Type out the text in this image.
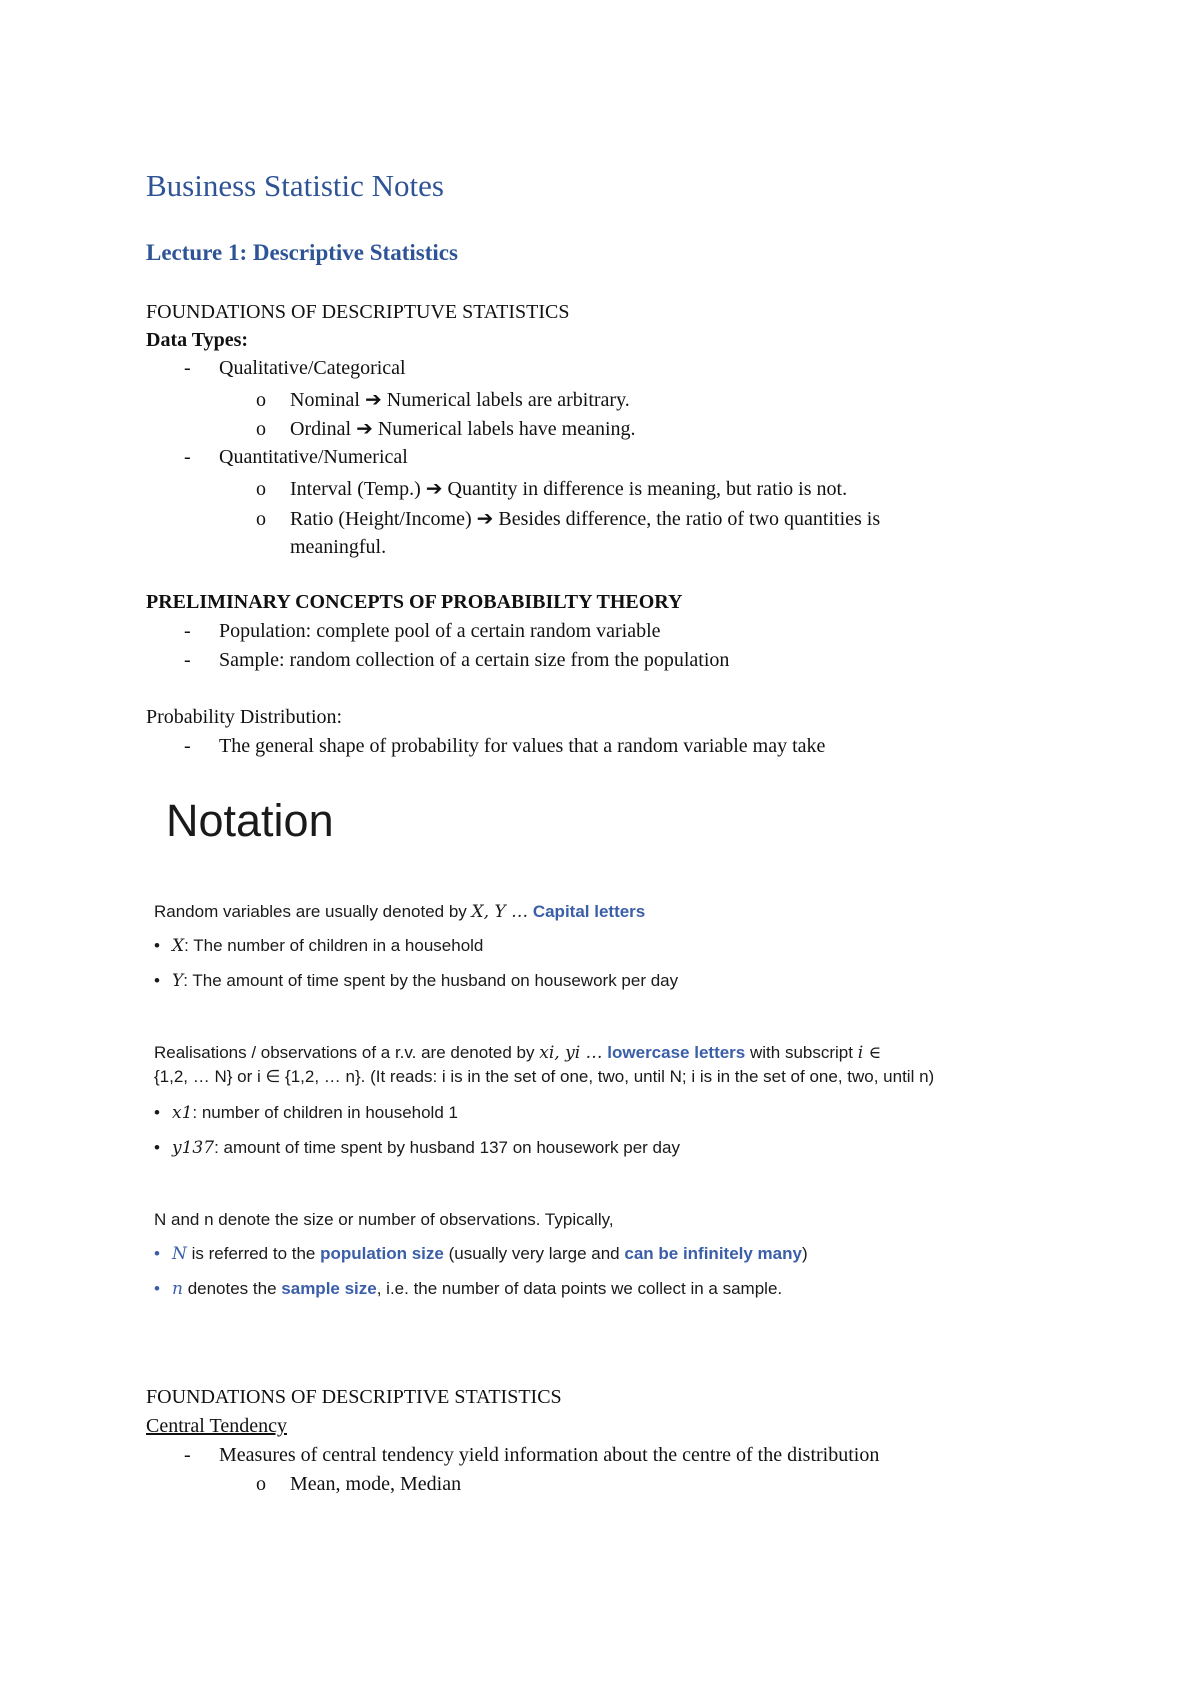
Business Statistic Notes
Lecture 1: Descriptive Statistics
FOUNDATIONS OF DESCRIPTUVE STATISTICS
Data Types:
- Qualitative/Categorical
o Nominal ➔ Numerical labels are arbitrary.
o Ordinal ➔ Numerical labels have meaning.
- Quantitative/Numerical
o Interval (Temp.) ➔ Quantity in difference is meaning, but ratio is not.
o Ratio (Height/Income) ➔ Besides difference, the ratio of two quantities is
meaningful.
PRELIMINARY CONCEPTS OF PROBABIBILTY THEORY
- Population: complete pool of a certain random variable
- Sample: random collection of a certain size from the population
Probability Distribution:
- The general shape of probability for values that a random variable may take
Notation
Random variables are usually denoted by X, Y … Capital letters
• X: The number of children in a household
• Y: The amount of time spent by the husband on housework per day
Realisations / observations of a r.v. are denoted by xi, yi … lowercase letters with subscript i ∈
{1,2, … N} or i ∈ {1,2, … n}. (It reads: i is in the set of one, two, until N; i is in the set of one, two, until n)
• x1: number of children in household 1
• y137: amount of time spent by husband 137 on housework per day
N and n denote the size or number of observations. Typically,
• N is referred to the population size (usually very large and can be infinitely many)
• n denotes the sample size, i.e. the number of data points we collect in a sample.
FOUNDATIONS OF DESCRIPTIVE STATISTICS
Central Tendency
- Measures of central tendency yield information about the centre of the distribution
o Mean, mode, Median
